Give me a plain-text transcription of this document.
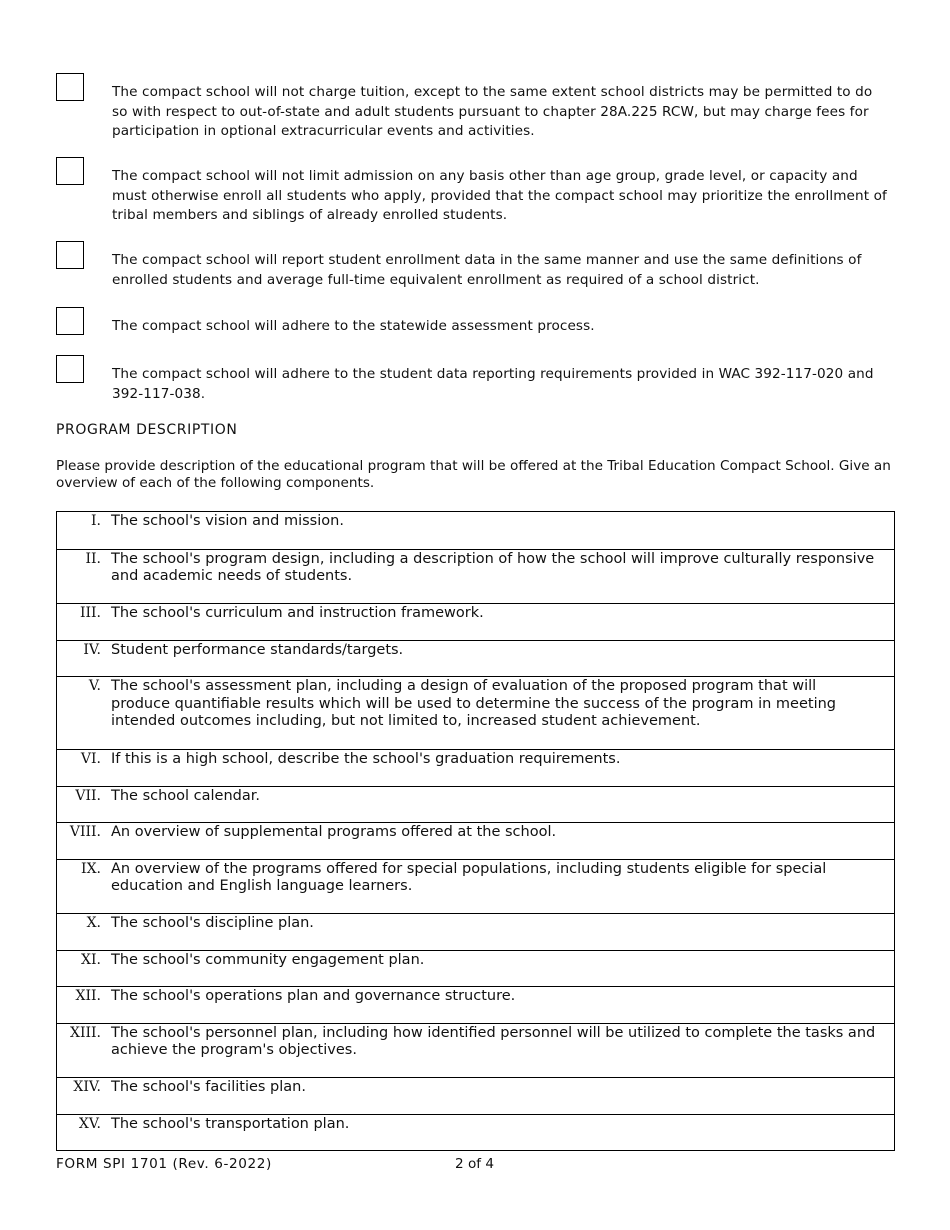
The compact school will not charge tuition, except to the same extent school districts may be permitted to do so with respect to out-of-state and adult students pursuant to chapter 28A.225 RCW, but may charge fees for participation in optional extracurricular events and activities.
The compact school will not limit admission on any basis other than age group, grade level, or capacity and must otherwise enroll all students who apply, provided that the compact school may prioritize the enrollment of tribal members and siblings of already enrolled students.
The compact school will report student enrollment data in the same manner and use the same definitions of enrolled students and average full-time equivalent enrollment as required of a school district.
The compact school will adhere to the statewide assessment process.
The compact school will adhere to the student data reporting requirements provided in WAC 392-117-020 and 392-117-038.
PROGRAM DESCRIPTION
Please provide description of the educational program that will be offered at the Tribal Education Compact School. Give an overview of each of the following components.
I. The school's vision and mission.
II. The school's program design, including a description of how the school will improve culturally responsive and academic needs of students.
III. The school's curriculum and instruction framework.
IV. Student performance standards/targets.
V. The school's assessment plan, including a design of evaluation of the proposed program that will produce quantifiable results which will be used to determine the success of the program in meeting intended outcomes including, but not limited to, increased student achievement.
VI. If this is a high school, describe the school's graduation requirements.
VII. The school calendar.
VIII. An overview of supplemental programs offered at the school.
IX. An overview of the programs offered for special populations, including students eligible for special education and English language learners.
X. The school's discipline plan.
XI. The school's community engagement plan.
XII. The school's operations plan and governance structure.
XIII. The school's personnel plan, including how identified personnel will be utilized to complete the tasks and achieve the program's objectives.
XIV. The school's facilities plan.
XV. The school's transportation plan.
FORM SPI 1701 (Rev. 6-2022)	2 of 4
